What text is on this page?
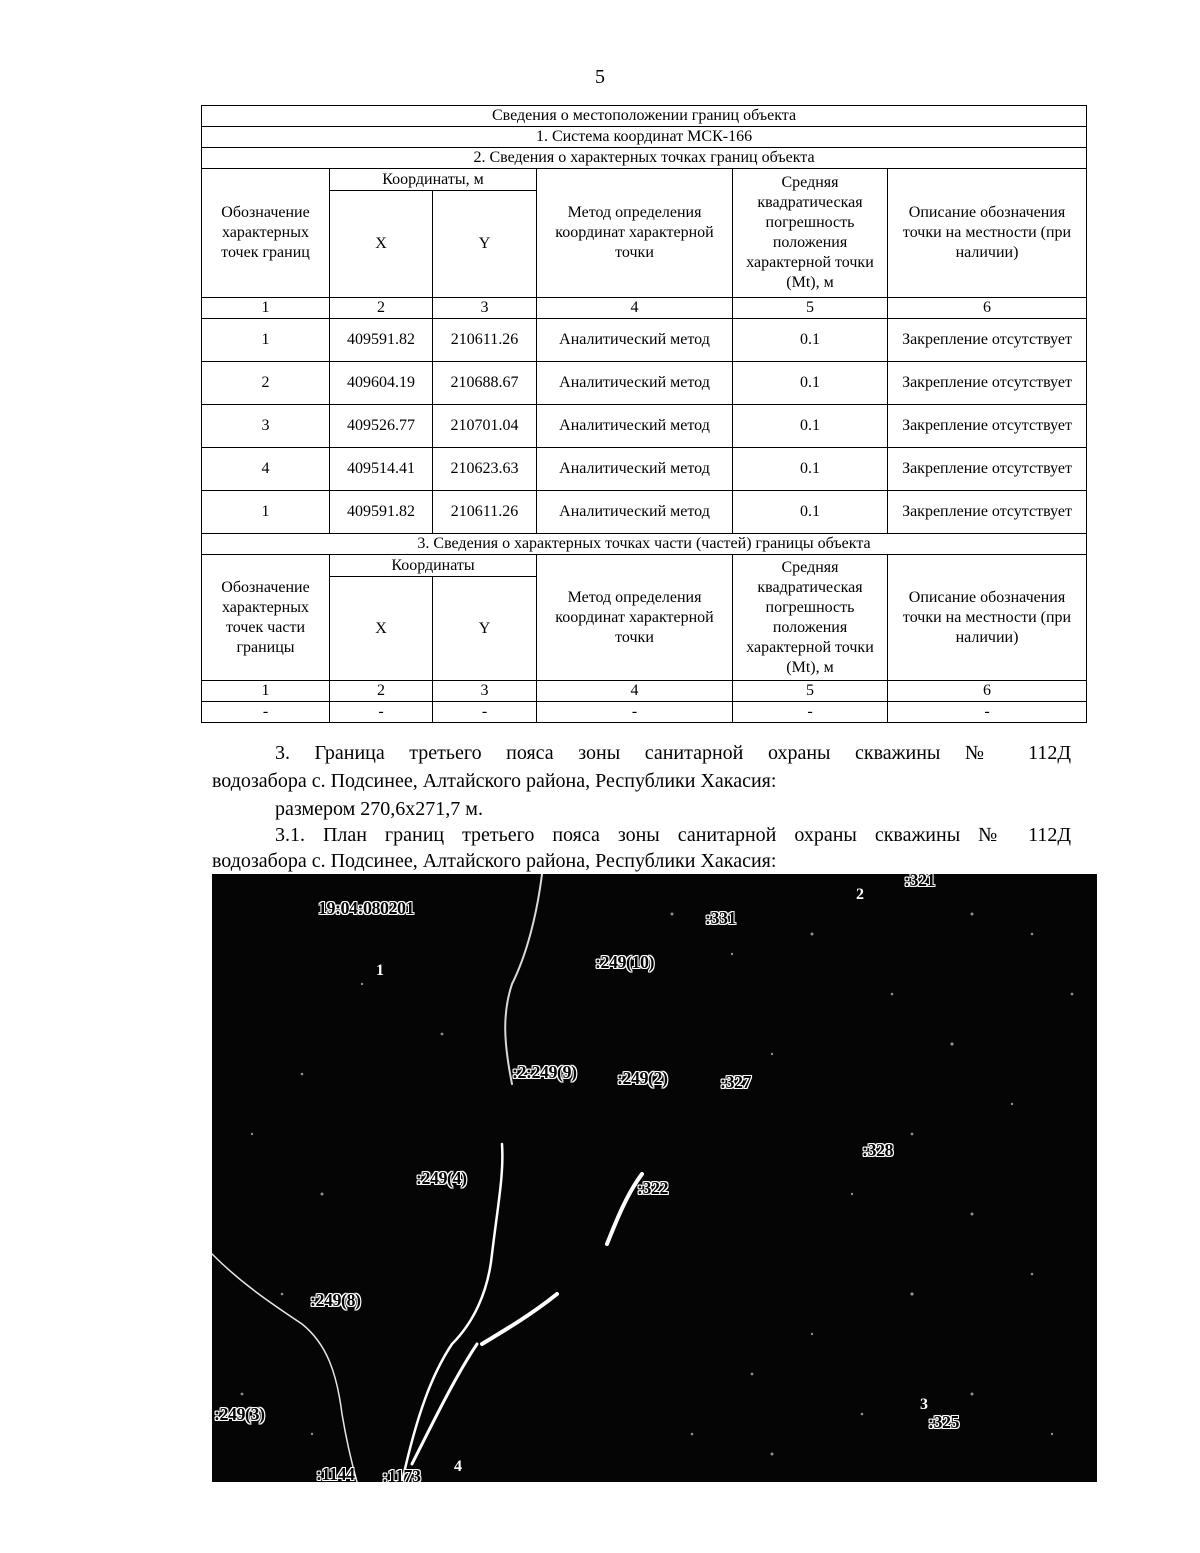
5
Сведения о местоположении границ объекта					
1. Система координат МСК-166					
2. Сведения о характерных точках границ объекта					
Обозначение характерных точек границ	Координаты, м		Метод определения координат характерной точки	Средняя квадратическая погрешность положения характерной точки (Mt), м	Описание обозначения точки на местности (при наличии)
	X	Y			
1	2	3	4	5	6
1	409591.82	210611.26	Аналитический метод	0.1	Закрепление отсутствует
2	409604.19	210688.67	Аналитический метод	0.1	Закрепление отсутствует
3	409526.77	210701.04	Аналитический метод	0.1	Закрепление отсутствует
4	409514.41	210623.63	Аналитический метод	0.1	Закрепление отсутствует
1	409591.82	210611.26	Аналитический метод	0.1	Закрепление отсутствует
3. Сведения о характерных точках части (частей) границы объекта					
Обозначение характерных точек части границы	Координаты		Метод определения координат характерной точки	Средняя квадратическая погрешность положения характерной точки (Mt), м	Описание обозначения точки на местности (при наличии)
	X	Y			
1	2	3	4	5	6
-	-	-	-	-	-
3. Граница третьего пояса зоны санитарной охраны скважины № 112Д
водозабора с. Подсинее, Алтайского района, Республики Хакасия:
размером 270,6x271,7 м.
3.1. План границ третьего пояса зоны санитарной охраны скважины № 112Д
водозабора с. Подсинее, Алтайского района, Республики Хакасия:
19:04:080201	:331
:321
:249(10)
:2:249(9) :249(2)	:327
:328
:249(4)	:322
:249(8)
:249(3)	:325
:1144 :1173
1
2
3
4
